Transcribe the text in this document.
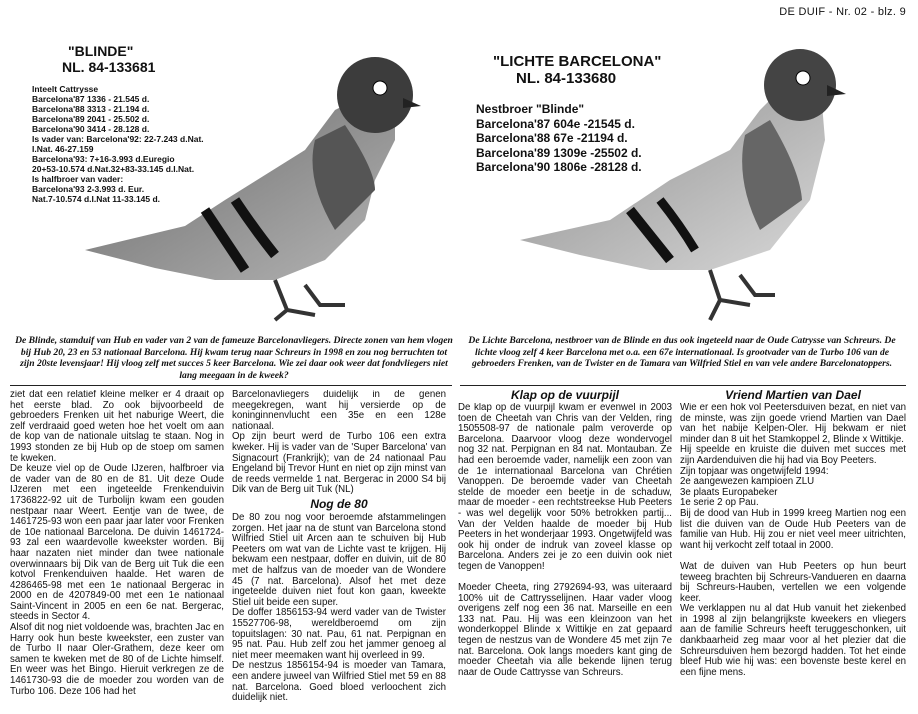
DE DUIF - Nr. 02 - blz. 9
"BLINDE"
NL. 84-133681
Inteelt Cattrysse
Barcelona'87 1336 - 21.545 d.
Barcelona'88 3313 - 21.194 d.
Barcelona'89 2041 - 25.502 d.
Barcelona'90 3414 - 28.128 d.
Is vader van: Barcelona'92: 22-7.243 d.Nat.
I.Nat. 46-27.159
Barcelona'93: 7+16-3.993 d.Euregio
20+53-10.574 d.Nat.32+83-33.145 d.I.Nat.
Is halfbroer van vader:
Barcelona'93 2-3.993 d. Eur.
Nat.7-10.574 d.I.Nat 11-33.145 d.
"LICHTE BARCELONA"
NL. 84-133680
Nestbroer "Blinde"
Barcelona'87 604e -21545 d.
Barcelona'88 67e -21194 d.
Barcelona'89 1309e -25502 d.
Barcelona'90 1806e -28128 d.
De Blinde, stamduif van Hub en vader van 2 van de fameuze Barcelonavliegers. Directe zonen van hem vlogen bij Hub 20, 23 en 53 nationaal Barcelona. Hij kwam terug naar Schreurs in 1998 en zou nog berruchten tot zijn 20ste levensjaar! Hij vloog zelf met succes 5 keer Barcelona. Wie zei daar ook weer dat fondvliegers niet lang meegaan in de kweek?
De Lichte Barcelona, nestbroer van de Blinde en dus ook ingeteeld naar de Oude Catrysse van Schreurs. De lichte vloog zelf 4 keer Barcelona met o.a. een 67e internationaal. Is grootvader van de Turbo 106 van de gebroeders Frenken, van de Twister en de Tamara van Wilfried Stiel en van vele andere Barcelonatoppers.
ziet dat een relatief kleine melker er 4 draait op het eerste blad. Zo ook bijvoorbeeld de gebroeders Frenken uit het naburige Weert, die zelf verdraaid goed weten hoe het voelt om aan de kop van de nationale uitslag te staan. Nog in 1993 stonden ze bij Hub op de stoep om samen te kweken.
De keuze viel op de Oude IJzeren, halfbroer via de vader van de 80 en de 81. Uit deze Oude IJzeren met een ingeteelde Frenkenduivin 1736822-92 uit de Turbolijn kwam een gouden nestpaar naar Weert. Eentje van de twee, de 1461725-93 won een paar jaar later voor Frenken de 10e nationaal Barcelona. De duivin 1461724-93 zal een waardevolle kweekster worden. Bij haar nazaten niet minder dan twee nationale overwinnaars bij Dik van de Berg uit Tuk die een kotvol Frenkenduiven haalde. Het waren de 4286465-98 met een 1e nationaal Bergerac in 2000 en de 4207849-00 met een 1e nationaal Saint-Vincent in 2005 en een 6e nat. Bergerac, steeds in Sector 4.
Alsof dit nog niet voldoende was, brachten Jac en Harry ook hun beste kweekster, een zuster van de Turbo II naar Oler-Grathem, deze keer om samen te kweken met de 80 of de Lichte himself. En weer was het Bingo. Hieruit verkregen ze de 1461730-93 die de moeder zou worden van de Turbo 106. Deze 106 had het
Barcelonavliegers duidelijk in de genen meegekregen, want hij versierde op de koninginnenvlucht een 35e en een 128e nationaal.
Op zijn beurt werd de Turbo 106 een extra kweker. Hij is vader van de 'Super Barcelona' van Signacourt (Frankrijk); van de 24 nationaal Pau Engeland bij Trevor Hunt en niet op zijn minst van de reeds vermelde 1 nat. Bergerac in 2000 S4 bij Dik van de Berg uit Tuk (NL)
Nog de 80
De 80 zou nog voor beroemde afstammelingen zorgen. Het jaar na de stunt van Barcelona stond Wilfried Stiel uit Arcen aan te schuiven bij Hub Peeters om wat van de Lichte vast te krijgen. Hij bekwam een nestpaar, doffer en duivin, uit de 80 met de halfzus van de moeder van de Wondere 45 (7 nat. Barcelona). Alsof het met deze ingeteelde duiven niet fout kon gaan, kweekte Stiel uit beide een super.
De doffer 1856153-94 werd vader van de Twister 15527706-98, wereldberoemd om zijn topuitslagen: 30 nat. Pau, 61 nat. Perpignan en 95 nat. Pau. Hub zelf zou het jammer genoeg al niet meer meemaken want hij overleed in 99.
De nestzus 1856154-94 is moeder van Tamara, een andere juweel van Wilfried Stiel met 59 en 88 nat. Barcelona. Goed bloed verloochent zich duidelijk niet.
Klap op de vuurpijl
De klap op de vuurpijl kwam er evenwel in 2003 toen de Cheetah van Chris van der Velden, ring 1505508-97 de nationale palm veroverde op Barcelona. Daarvoor vloog deze wondervogel nog 32 nat. Perpignan en 84 nat. Montauban. Ze had een beroemde vader, namelijk een zoon van de 1e internationaal Barcelona van Chrétien Vanoppen. De beroemde vader van Cheetah stelde de moeder een beetje in de schaduw, maar de moeder - een rechtstreekse Hub Peeters - was wel degelijk voor 50% betrokken partij... Van der Velden haalde de moeder bij Hub Peeters in het wonderjaar 1993. Ongetwijfeld was ook hij onder de indruk van zoveel klasse op Barcelona. Anders zei je zo een duivin ook niet tegen de Vanoppen!

Moeder Cheeta, ring 2792694-93, was uiteraard 100% uit de Cattrysselijnen. Haar vader vloog overigens zelf nog een 36 nat. Marseille en een 133 nat. Pau. Hij was een kleinzoon van het wonderkoppel Blinde x Wittikje en zat gepaard tegen de nestzus van de Wondere 45 met zijn 7e nat. Barcelona. Ook langs moeders kant ging de moeder Cheetah via alle bekende lijnen terug naar de Oude Cattrysse van Schreurs.
Vriend Martien van Dael
Wie er een hok vol Peetersduiven bezat, en niet van de minste, was zijn goede vriend Martien van Dael van het nabije Kelpen-Oler. Hij bekwam er niet minder dan 8 uit het Stamkoppel 2, Blinde x Wittikje.
Hij speelde en kruiste die duiven met succes met zijn Aardenduiven die hij had via Boy Peeters.
Zijn topjaar was ongetwijfeld 1994:
2e aangewezen kampioen ZLU
3e plaats Europabeker
1e serie 2 op Pau.
Bij de dood van Hub in 1999 kreeg Martien nog een list die duiven van de Oude Hub Peeters van de familie van Hub. Hij zou er niet veel meer uitrichten, want hij verkocht zelf totaal in 2000.

Wat de duiven van Hub Peeters op hun beurt teweeg brachten bij Schreurs-Vandueren en daarna bij Schreurs-Hauben, vertellen we een volgende keer.
We verklappen nu al dat Hub vanuit het ziekenbed in 1998 al zijn belangrijkste kweekers en vliegers aan de familie Schreurs heeft teruggeschonken, uit dankbaarheid zeg maar voor al het plezier dat die Schreursduiven hem bezorgd hadden. Tot het einde bleef Hub wie hij was: een bovenste beste kerel en een fijne mens.
